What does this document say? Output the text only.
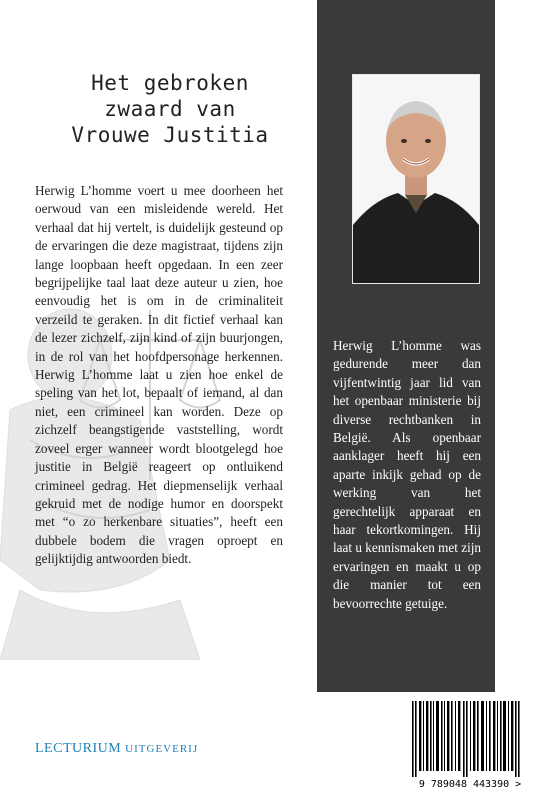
Het gebroken
zwaard van
Vrouwe Justitia
Herwig L’homme voert u mee doorheen het oerwoud van een misleidende wereld. Het verhaal dat hij vertelt, is duidelijk gesteund op de ervaringen die deze magistraat, tijdens zijn lange loopbaan heeft opgedaan. In een zeer begrijpelijke taal laat deze auteur u zien, hoe eenvoudig het is om in de criminaliteit verzeild te geraken. In dit fictief verhaal kan de lezer zichzelf, zijn kind of zijn buurjongen, in de rol van het hoofdpersonage herkennen. Herwig L’homme laat u zien hoe enkel de speling van het lot, bepaalt of iemand, al dan niet, een crimineel kan worden. Deze op zichzelf beangstigende vaststelling, wordt zoveel erger wanneer wordt blootgelegd hoe justitie in België reageert op ontluikend crimineel gedrag. Het diepmenselijk verhaal gekruid met de nodige humor en doorspekt met “o zo herkenbare situaties”, heeft een dubbele bodem die vragen oproept en gelijktijdig antwoorden biedt.
LECTURIUM UITGEVERIJ
Herwig L’homme was gedurende meer dan vijfentwintig jaar lid van het openbaar ministerie bij diverse rechtbanken in België. Als openbaar aanklager heeft hij een aparte inkijk gehad op de werking van het gerechtelijk apparaat en haar tekortkomingen. Hij laat u kennismaken met zijn ervaringen en maakt u op die manier tot een bevoorrechte getuige.
9 789048 443390 >
